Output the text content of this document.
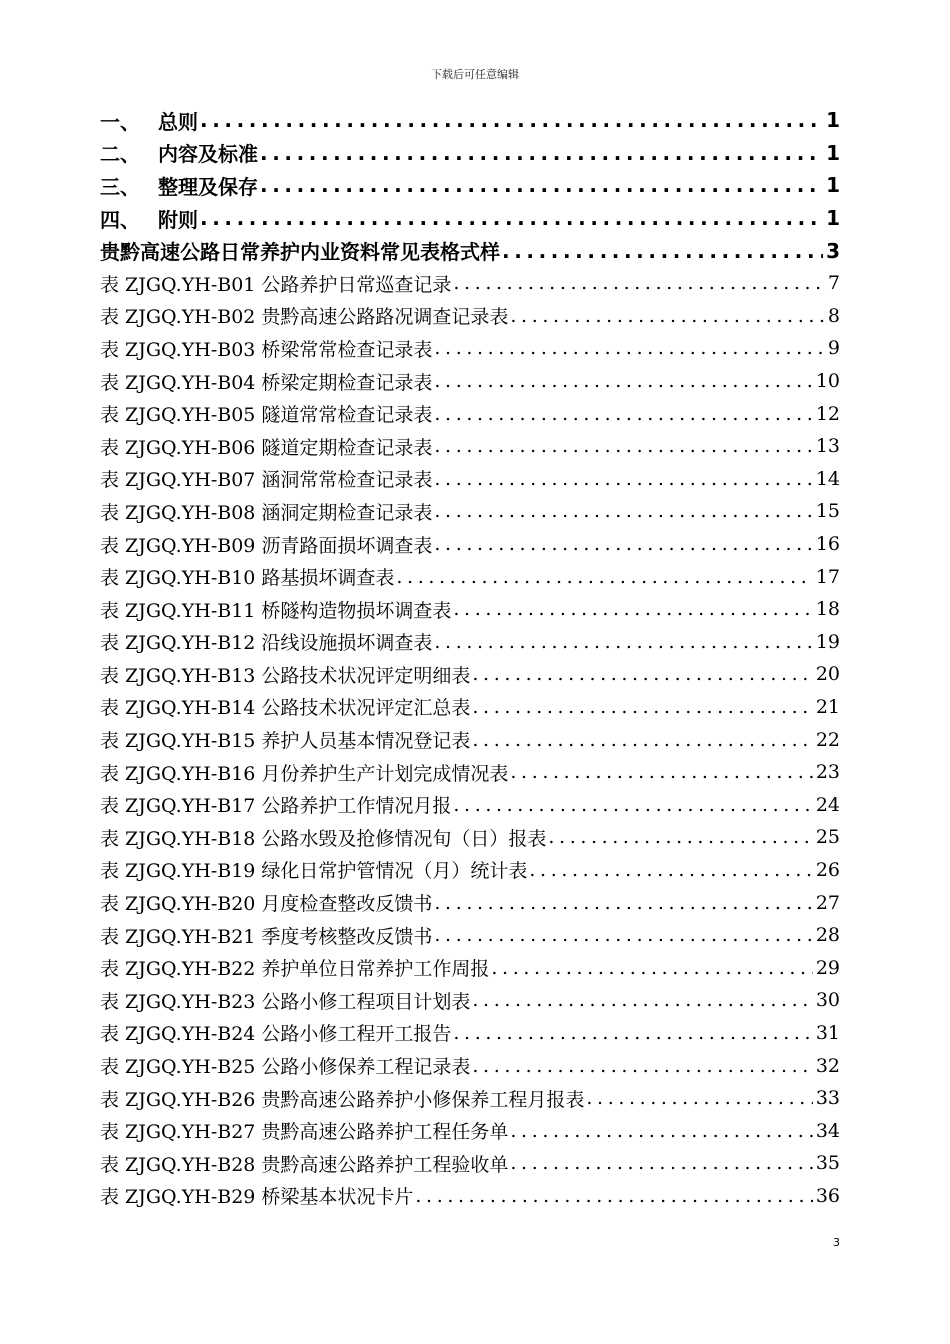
下载后可任意编辑
一、 总则 .....	1
二、 内容及标准 .....	1
三、 整理及保存 .....	1
四、 附则 .....	1
贵黔高速公路日常养护内业资料常见表格式样 .....	3
表 ZJGQ.YH-B01 公路养护日常巡查记录 .....	7
表 ZJGQ.YH-B02 贵黔高速公路路况调查记录表 .....	8
表 ZJGQ.YH-B03 桥梁常常检查记录表 .....	9
表 ZJGQ.YH-B04 桥梁定期检查记录表 .....	10
表 ZJGQ.YH-B05 隧道常常检查记录表 .....	12
表 ZJGQ.YH-B06 隧道定期检查记录表 .....	13
表 ZJGQ.YH-B07 涵洞常常检查记录表 .....	14
表 ZJGQ.YH-B08 涵洞定期检查记录表 .....	15
表 ZJGQ.YH-B09 沥青路面损坏调查表 .....	16
表 ZJGQ.YH-B10 路基损坏调查表 .....	17
表 ZJGQ.YH-B11 桥隧构造物损坏调查表 .....	18
表 ZJGQ.YH-B12 沿线设施损坏调查表 .....	19
表 ZJGQ.YH-B13 公路技术状况评定明细表 .....	20
表 ZJGQ.YH-B14 公路技术状况评定汇总表 .....	21
表 ZJGQ.YH-B15 养护人员基本情况登记表 .....	22
表 ZJGQ.YH-B16 月份养护生产计划完成情况表 .....	23
表 ZJGQ.YH-B17 公路养护工作情况月报 .....	24
表 ZJGQ.YH-B18 公路水毁及抢修情况旬（日）报表 .....	25
表 ZJGQ.YH-B19 绿化日常护管情况（月）统计表 .....	26
表 ZJGQ.YH-B20 月度检查整改反馈书 .....	27
表 ZJGQ.YH-B21 季度考核整改反馈书 .....	28
表 ZJGQ.YH-B22 养护单位日常养护工作周报 .....	29
表 ZJGQ.YH-B23 公路小修工程项目计划表 .....	30
表 ZJGQ.YH-B24 公路小修工程开工报告 .....	31
表 ZJGQ.YH-B25 公路小修保养工程记录表 .....	32
表 ZJGQ.YH-B26 贵黔高速公路养护小修保养工程月报表 .....	33
表 ZJGQ.YH-B27 贵黔高速公路养护工程任务单 .....	34
表 ZJGQ.YH-B28 贵黔高速公路养护工程验收单 .....	35
表 ZJGQ.YH-B29 桥梁基本状况卡片 .....	36
3
